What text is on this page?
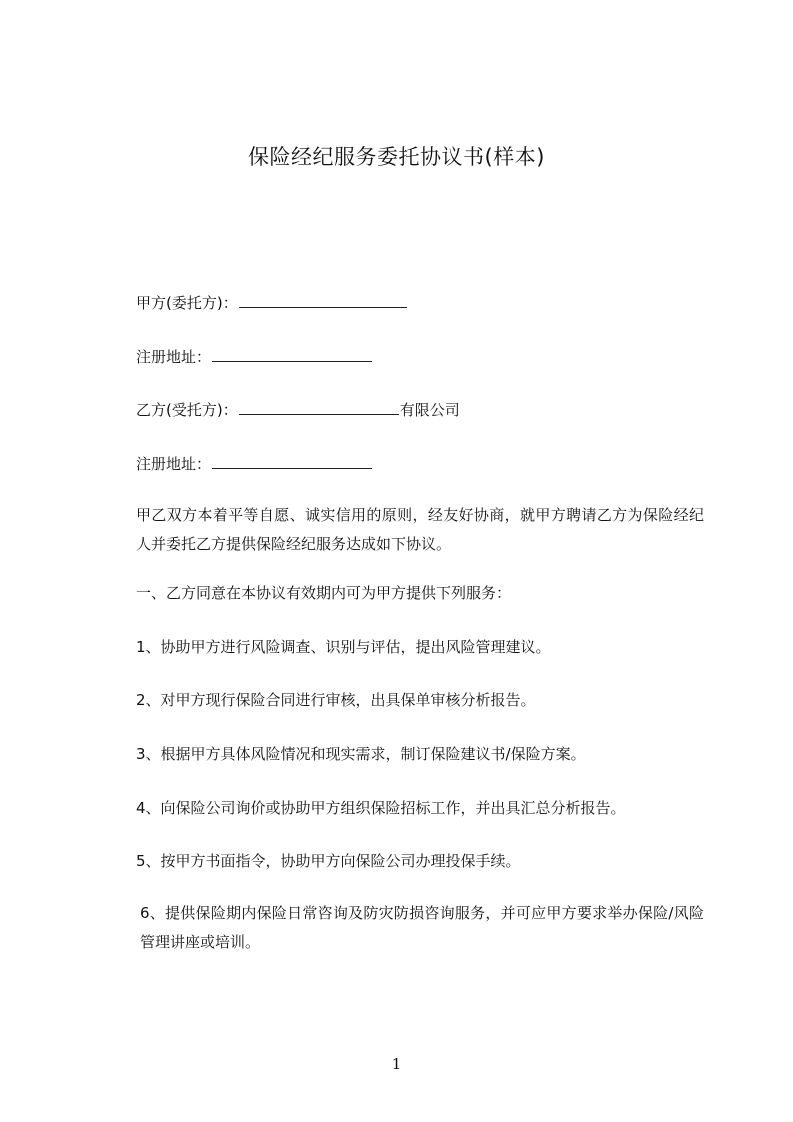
保险经纪服务委托协议书(样本)
甲方(委托方)：
注册地址：
乙方(受托方)：	有限公司
注册地址：
甲乙双方本着平等自愿、诚实信用的原则，经友好协商，就甲方聘请乙方为保险经纪人并委托乙方提供保险经纪服务达成如下协议。
一、乙方同意在本协议有效期内可为甲方提供下列服务：
1、协助甲方进行风险调查、识别与评估，提出风险管理建议。
2、对甲方现行保险合同进行审核，出具保单审核分析报告。
3、根据甲方具体风险情况和现实需求，制订保险建议书/保险方案。
4、向保险公司询价或协助甲方组织保险招标工作，并出具汇总分析报告。
5、按甲方书面指令，协助甲方向保险公司办理投保手续。
6、提供保险期内保险日常咨询及防灾防损咨询服务，并可应甲方要求举办保险/风险管理讲座或培训。
1
